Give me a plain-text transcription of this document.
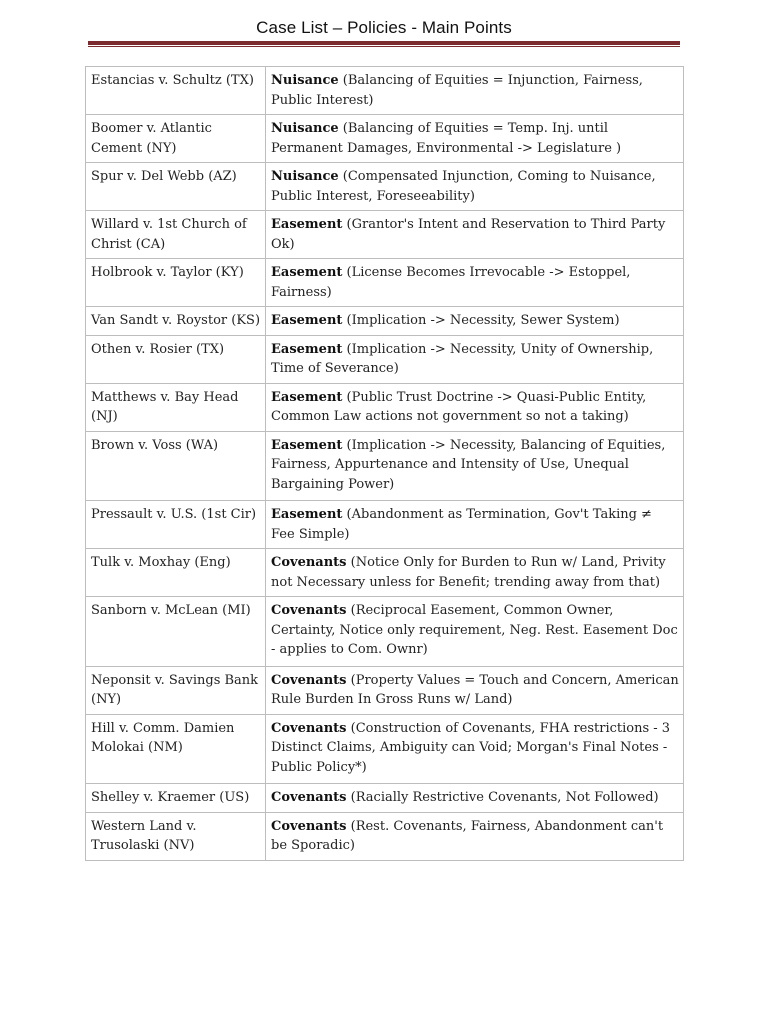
Case List – Policies - Main Points
Estancias v. Schultz (TX)	Nuisance (Balancing of Equities = Injunction, Fairness, Public Interest)
Boomer v. Atlantic Cement (NY)	Nuisance (Balancing of Equities = Temp. Inj. until Permanent Damages, Environmental -> Legislature )
Spur v. Del Webb (AZ)	Nuisance (Compensated Injunction, Coming to Nuisance, Public Interest, Foreseeability)
Willard v. 1st Church of Christ (CA)	Easement (Grantor's Intent and Reservation to Third Party Ok)
Holbrook v. Taylor (KY)	Easement (License Becomes Irrevocable -> Estoppel, Fairness)
Van Sandt v. Roystor (KS)	Easement (Implication -> Necessity, Sewer System)
Othen v. Rosier (TX)	Easement (Implication -> Necessity, Unity of Ownership, Time of Severance)
Matthews v. Bay Head (NJ)	Easement (Public Trust Doctrine -> Quasi-Public Entity, Common Law actions not government so not a taking)
Brown v. Voss (WA)	Easement (Implication -> Necessity, Balancing of Equities, Fairness, Appurtenance and Intensity of Use, Unequal Bargaining Power)
Pressault v. U.S. (1st Cir)	Easement (Abandonment as Termination, Gov't Taking ≠ Fee Simple)
Tulk v. Moxhay (Eng)	Covenants (Notice Only for Burden to Run w/ Land, Privity not Necessary unless for Benefit; trending away from that)
Sanborn v. McLean (MI)	Covenants (Reciprocal Easement, Common Owner, Certainty, Notice only requirement, Neg. Rest. Easement Doc - applies to Com. Ownr)
Neponsit v. Savings Bank (NY)	Covenants (Property Values = Touch and Concern, American Rule Burden In Gross Runs w/ Land)
Hill v. Comm. Damien Molokai (NM)	Covenants (Construction of Covenants, FHA restrictions - 3 Distinct Claims, Ambiguity can Void; Morgan's Final Notes - Public Policy*)
Shelley v. Kraemer (US)	Covenants (Racially Restrictive Covenants, Not Followed)
Western Land v. Trusolaski (NV)	Covenants (Rest. Covenants, Fairness, Abandonment can't be Sporadic)
